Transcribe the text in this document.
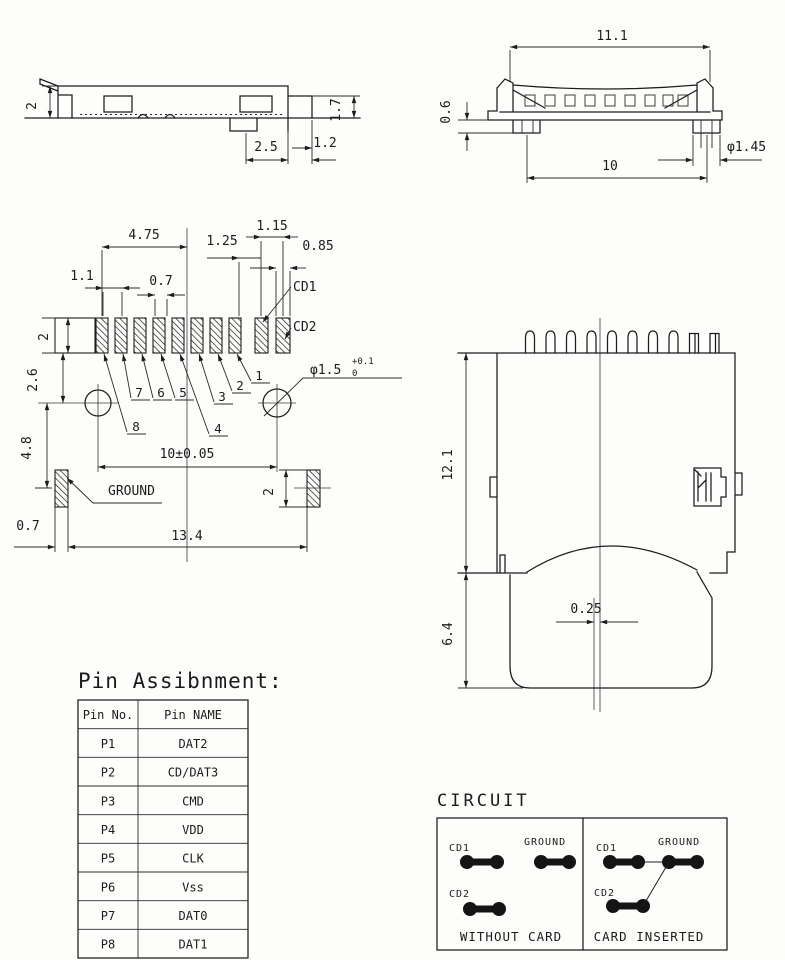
2	1.7
2.5	1.2
11.1
0.6
10
φ1.45
4.75	1.25
1.15
0.85
1.1	0.7	CD1
CD2
2
2.6
4.8
8
7 6 5
4
3
2
1	φ1.5
+0.1
0
10±0.05
0.7
13.4
2
GROUND
12.1
6.4
0.25
Pin Assibnment:
Pin No.	Pin NAME
P1	DAT2
P2	CD/DAT3
P3	CMD
P4	VDD
P5	CLK
P6	Vss
P7	DAT0
P8	DAT1
CIRCUIT
CD1
GROUND
CD2
WITHOUT CARD
CD1
GROUND
CD2
CARD INSERTED
